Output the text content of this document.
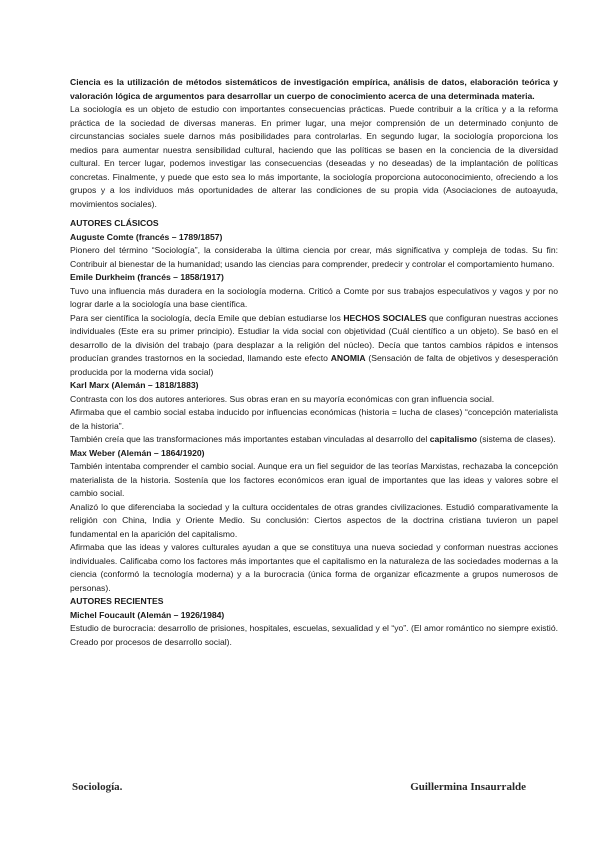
Ciencia es la utilización de métodos sistemáticos de investigación empírica, análisis de datos, elaboración teórica y valoración lógica de argumentos para desarrollar un cuerpo de conocimiento acerca de una determinada materia.

La sociología es un objeto de estudio con importantes consecuencias prácticas. Puede contribuir a la crítica y a la reforma práctica de la sociedad de diversas maneras. En primer lugar, una mejor comprensión de un determinado conjunto de circunstancias sociales suele darnos más posibilidades para controlarlas. En segundo lugar, la sociología proporciona los medios para aumentar nuestra sensibilidad cultural, haciendo que las políticas se basen en la conciencia de la diversidad cultural. En tercer lugar, podemos investigar las consecuencias (deseadas y no deseadas) de la implantación de políticas concretas. Finalmente, y puede que esto sea lo más importante, la sociología proporciona autoconocimiento, ofreciendo a los grupos y a los individuos más oportunidades de alterar las condiciones de su propia vida (Asociaciones de autoayuda, movimientos sociales).

AUTORES CLÁSICOS
Auguste Comte (francés – 1789/1857)

Pionero del término “Sociología”, la consideraba la última ciencia por crear, más significativa y compleja de todas. Su fin: Contribuir al bienestar de la humanidad; usando las ciencias para comprender, predecir y controlar el comportamiento humano.

Emile Durkheim (francés – 1858/1917)

Tuvo una influencia más duradera en la sociología moderna. Criticó a Comte por sus trabajos especulativos y vagos y por no lograr darle a la sociología una base científica.

Para ser científica la sociología, decía Emile que debían estudiarse los HECHOS SOCIALES que configuran nuestras acciones individuales (Este era su primer principio). Estudiar la vida social con objetividad (Cuál científico a un objeto). Se basó en el desarrollo de la división del trabajo (para desplazar a la religión del núcleo). Decía que tantos cambios rápidos e intensos producían grandes trastornos en la sociedad, llamando este efecto ANOMIA (Sensación de falta de objetivos y desesperación producida por la moderna vida social)

Karl Marx (Alemán – 1818/1883)

Contrasta con los dos autores anteriores. Sus obras eran en su mayoría económicas con gran influencia social.

Afirmaba que el cambio social estaba inducido por influencias económicas (historia = lucha de clases) “concepción materialista de la historia”.

También creía que las transformaciones más importantes estaban vinculadas al desarrollo del capitalismo (sistema de clases).

Max Weber (Alemán – 1864/1920)

También intentaba comprender el cambio social. Aunque era un fiel seguidor de las teorías Marxistas, rechazaba la concepción materialista de la historia. Sostenía que los factores económicos eran igual de importantes que las ideas y valores sobre el cambio social.

Analizó lo que diferenciaba la sociedad y la cultura occidentales de otras grandes civilizaciones. Estudió comparativamente la religión con China, India y Oriente Medio. Su conclusión: Ciertos aspectos de la doctrina cristiana tuvieron un papel fundamental en la aparición del capitalismo.

Afirmaba que las ideas y valores culturales ayudan a que se constituya una nueva sociedad y conforman nuestras acciones individuales. Calificaba como los factores más importantes que el capitalismo en la naturaleza de las sociedades modernas a la ciencia (conformó la tecnología moderna) y a la burocracia (única forma de organizar eficazmente a grupos numerosos de personas).

AUTORES RECIENTES
Michel Foucault (Alemán – 1926/1984)

Estudio de burocracia: desarrollo de prisiones, hospitales, escuelas, sexualidad y el “yo”. (El amor romántico no siempre existió. Creado por procesos de desarrollo social).

Sociología.	Guillermina Insaurralde
